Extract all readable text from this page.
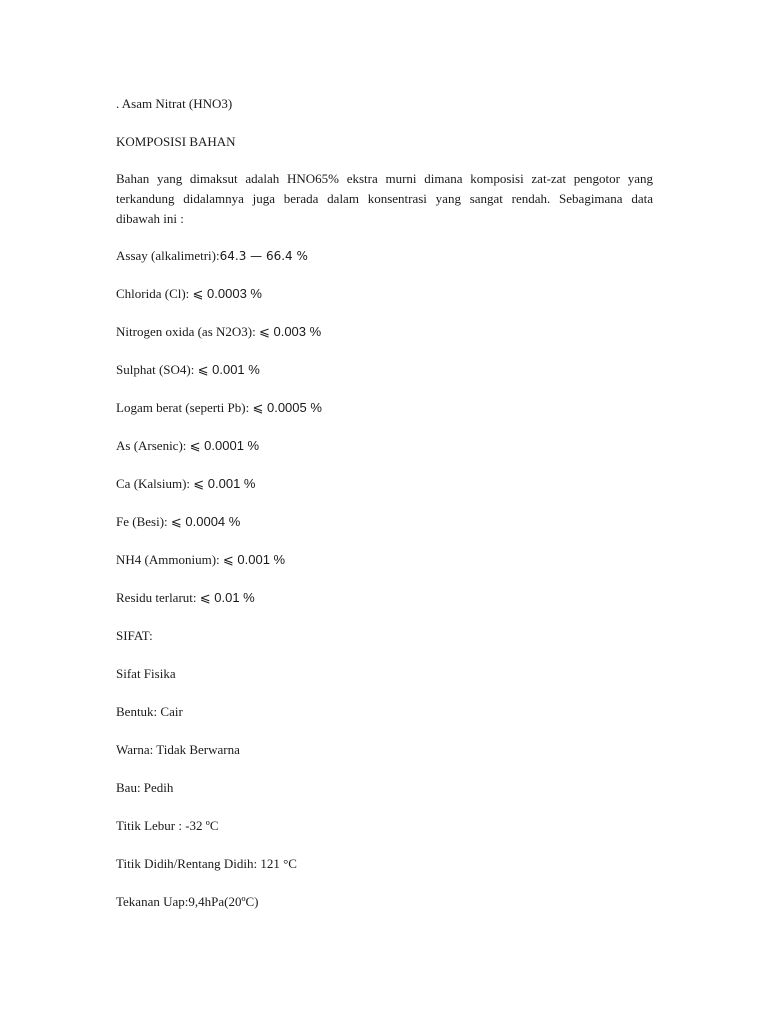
. Asam Nitrat (HNO3)
KOMPOSISI BAHAN
Bahan yang dimaksut adalah HNO65% ekstra murni dimana komposisi zat-zat pengotor yang
terkandung didalamnya juga berada dalam konsentrasi yang sangat rendah. Sebagimana data
dibawah ini :
Assay (alkalimetri):64.3 — 66.4 %
Chlorida (Cl): ⩽ 0.0003 %
Nitrogen oxida (as N2O3): ⩽ 0.003 %
Sulphat (SO4): ⩽ 0.001 %
Logam berat (seperti Pb): ⩽ 0.0005 %
As (Arsenic): ⩽ 0.0001 %
Ca (Kalsium): ⩽ 0.001 %
Fe (Besi): ⩽ 0.0004 %
NH4 (Ammonium): ⩽ 0.001 %
Residu terlarut: ⩽ 0.01 %
SIFAT:
Sifat Fisika
Bentuk: Cair
Warna: Tidak Berwarna
Bau: Pedih
Titik Lebur : -32 ºC
Titik Didih/Rentang Didih: 121 °C
Tekanan Uap:9,4hPa(20ºC)
